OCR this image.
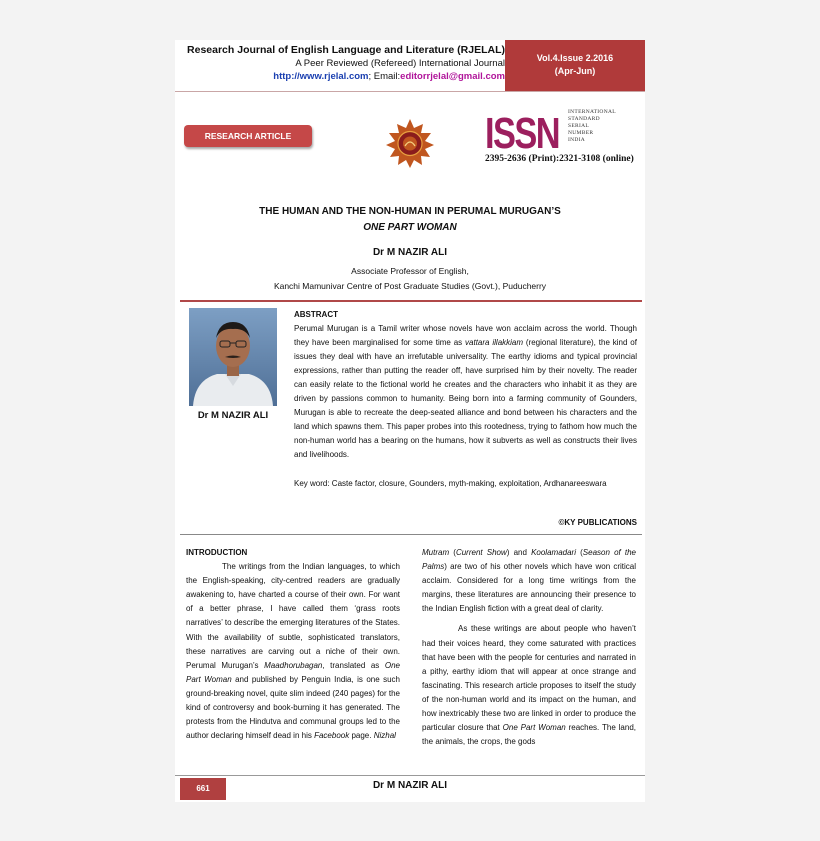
Research Journal of English Language and Literature (RJELAL)
A Peer Reviewed (Refereed) International Journal
http://www.rjelal.com; Email:editorrjelal@gmail.com
Vol.4.Issue 2.2016
(Apr-Jun)
RESEARCH ARTICLE	ISSN INTERNATIONAL
STANDARD
SERIAL
NUMBER
INDIA
2395-2636 (Print):2321-3108 (online)
THE HUMAN AND THE NON-HUMAN IN PERUMAL MURUGAN’S
ONE PART WOMAN
Dr M NAZIR ALI
Associate Professor of English,
Kanchi Mamunivar Centre of Post Graduate Studies (Govt.), Puducherry
Dr M NAZIR ALI
ABSTRACT
Perumal Murugan is a Tamil writer whose novels have won acclaim across the world. Though they have been marginalised for some time as vattara illakkiam (regional literature), the kind of issues they deal with have an irrefutable universality. The earthy idioms and typical provincial expressions, rather than putting the reader off, have surprised him by their novelty. The reader can easily relate to the fictional world he creates and the characters who inhabit it as they are driven by passions common to humanity. Being born into a farming community of Gounders, Murugan is able to recreate the deep-seated alliance and bond between his characters and the land which spawns them. This paper probes into this rootedness, trying to fathom how much the non-human world has a bearing on the humans, how it subverts as well as constructs their lives and livelihoods.
Key word: Caste factor, closure, Gounders, myth-making, exploitation, Ardhanareeswara
©KY PUBLICATIONS

INTRODUCTION

The writings from the Indian languages, to which the English-speaking, city-centred readers are gradually awakening to, have charted a course of their own. For want of a better phrase, I have called them ‘grass roots narratives’ to describe the emerging literatures of the States. With the availability of subtle, sophisticated translators, these narratives are carving out a niche of their own. Perumal Murugan’s Maadhorubagan, translated as One Part Woman and published by Penguin India, is one such ground-breaking novel, quite slim indeed (240 pages) for the kind of controversy and book-burning it has generated. The protests from the Hindutva and communal groups led to the author declaring himself dead in his Facebook page. Nizhal

Mutram (Current Show) and Koolamadari (Season of the Palms) are two of his other novels which have won critical acclaim. Considered for a long time writings from the margins, these literatures are announcing their presence to the Indian English fiction with a great deal of clarity.

As these writings are about people who haven’t had their voices heard, they come saturated with practices that have been with the people for centuries and narrated in a pithy, earthy idiom that will appear at once strange and fascinating. This research article proposes to itself the study of the non-human world and its impact on the human, and how inextricably these two are linked in order to produce the particular closure that One Part Woman reaches. The land, the animals, the crops, the gods

661	Dr M NAZIR ALI
